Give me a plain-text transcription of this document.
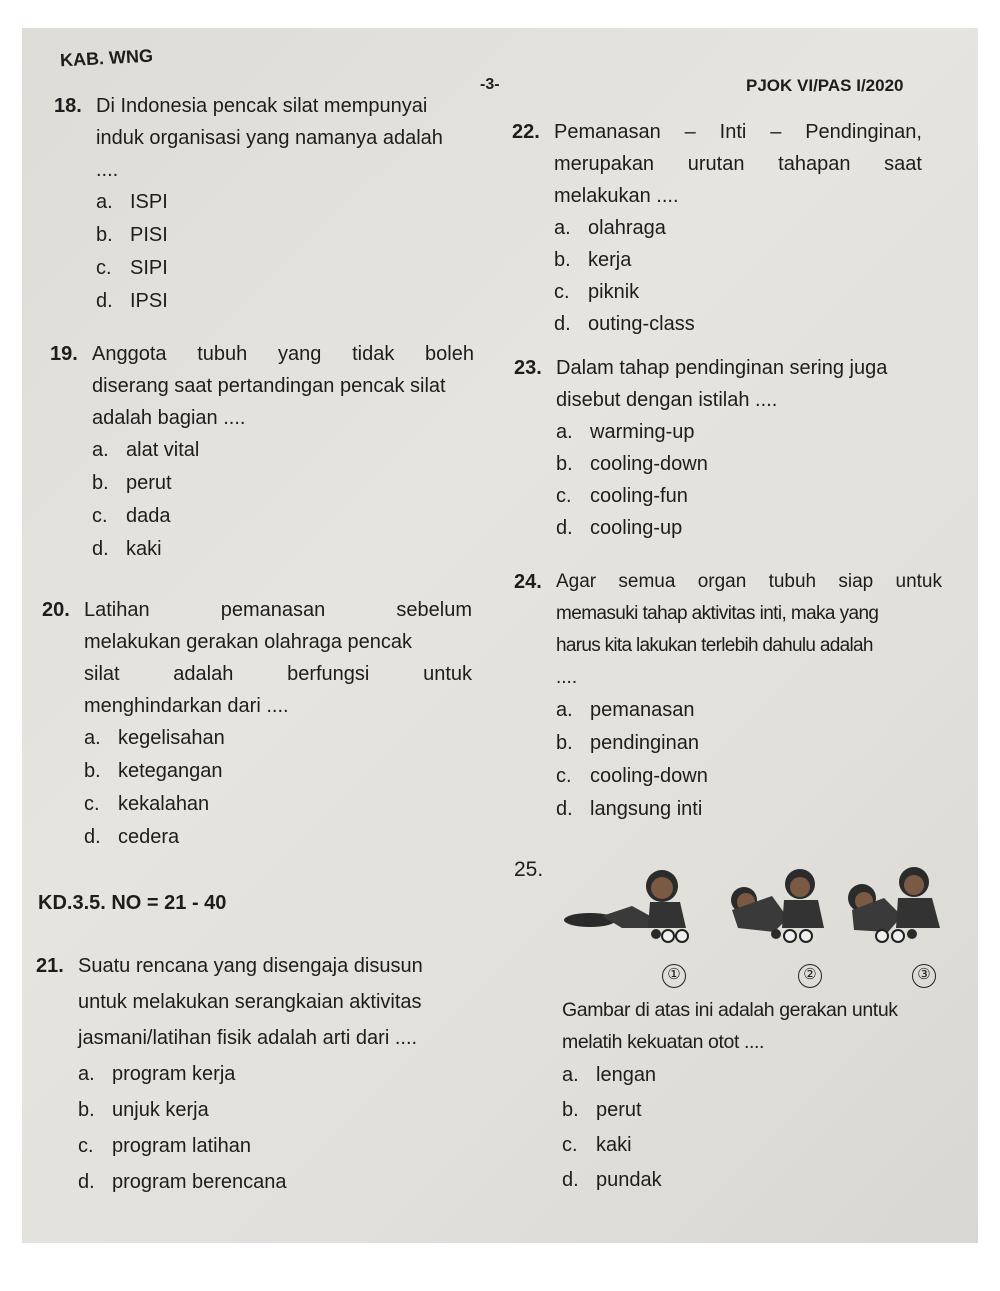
KAB. WNG
-3-	PJOK VI/PAS I/2020
18. Di Indonesia pencak silat mempunyai
induk organisasi yang namanya adalah
....
a. ISPI
b. PISI
c. SIPI
d. IPSI
19. Anggota tubuh yang tidak boleh
diserang saat pertandingan pencak silat
adalah bagian ....
a. alat vital
b. perut
c. dada
d. kaki
20. Latihan pemanasan sebelum
melakukan gerakan olahraga pencak
silat adalah berfungsi untuk
menghindarkan dari ....
a. kegelisahan
b. ketegangan
c. kekalahan
d. cedera
KD.3.5. NO = 21 - 40
21. Suatu rencana yang disengaja disusun
untuk melakukan serangkaian aktivitas
jasmani/latihan fisik adalah arti dari ....
a. program kerja
b. unjuk kerja
c. program latihan
d. program berencana
22. Pemanasan – Inti – Pendinginan,
merupakan urutan tahapan saat
melakukan ....
a. olahraga
b. kerja
c. piknik
d. outing-class
23. Dalam tahap pendinginan sering juga
disebut dengan istilah ....
a. warming-up
b. cooling-down
c. cooling-fun
d. cooling-up
24. Agar semua organ tubuh siap untuk
memasuki tahap aktivitas inti, maka yang
harus kita lakukan terlebih dahulu adalah
....
a. pemanasan
b. pendinginan
c. cooling-down
d. langsung inti
25.
①	②	③
Gambar di atas ini adalah gerakan untuk
melatih kekuatan otot ....
a. lengan
b. perut
c. kaki
d. pundak
